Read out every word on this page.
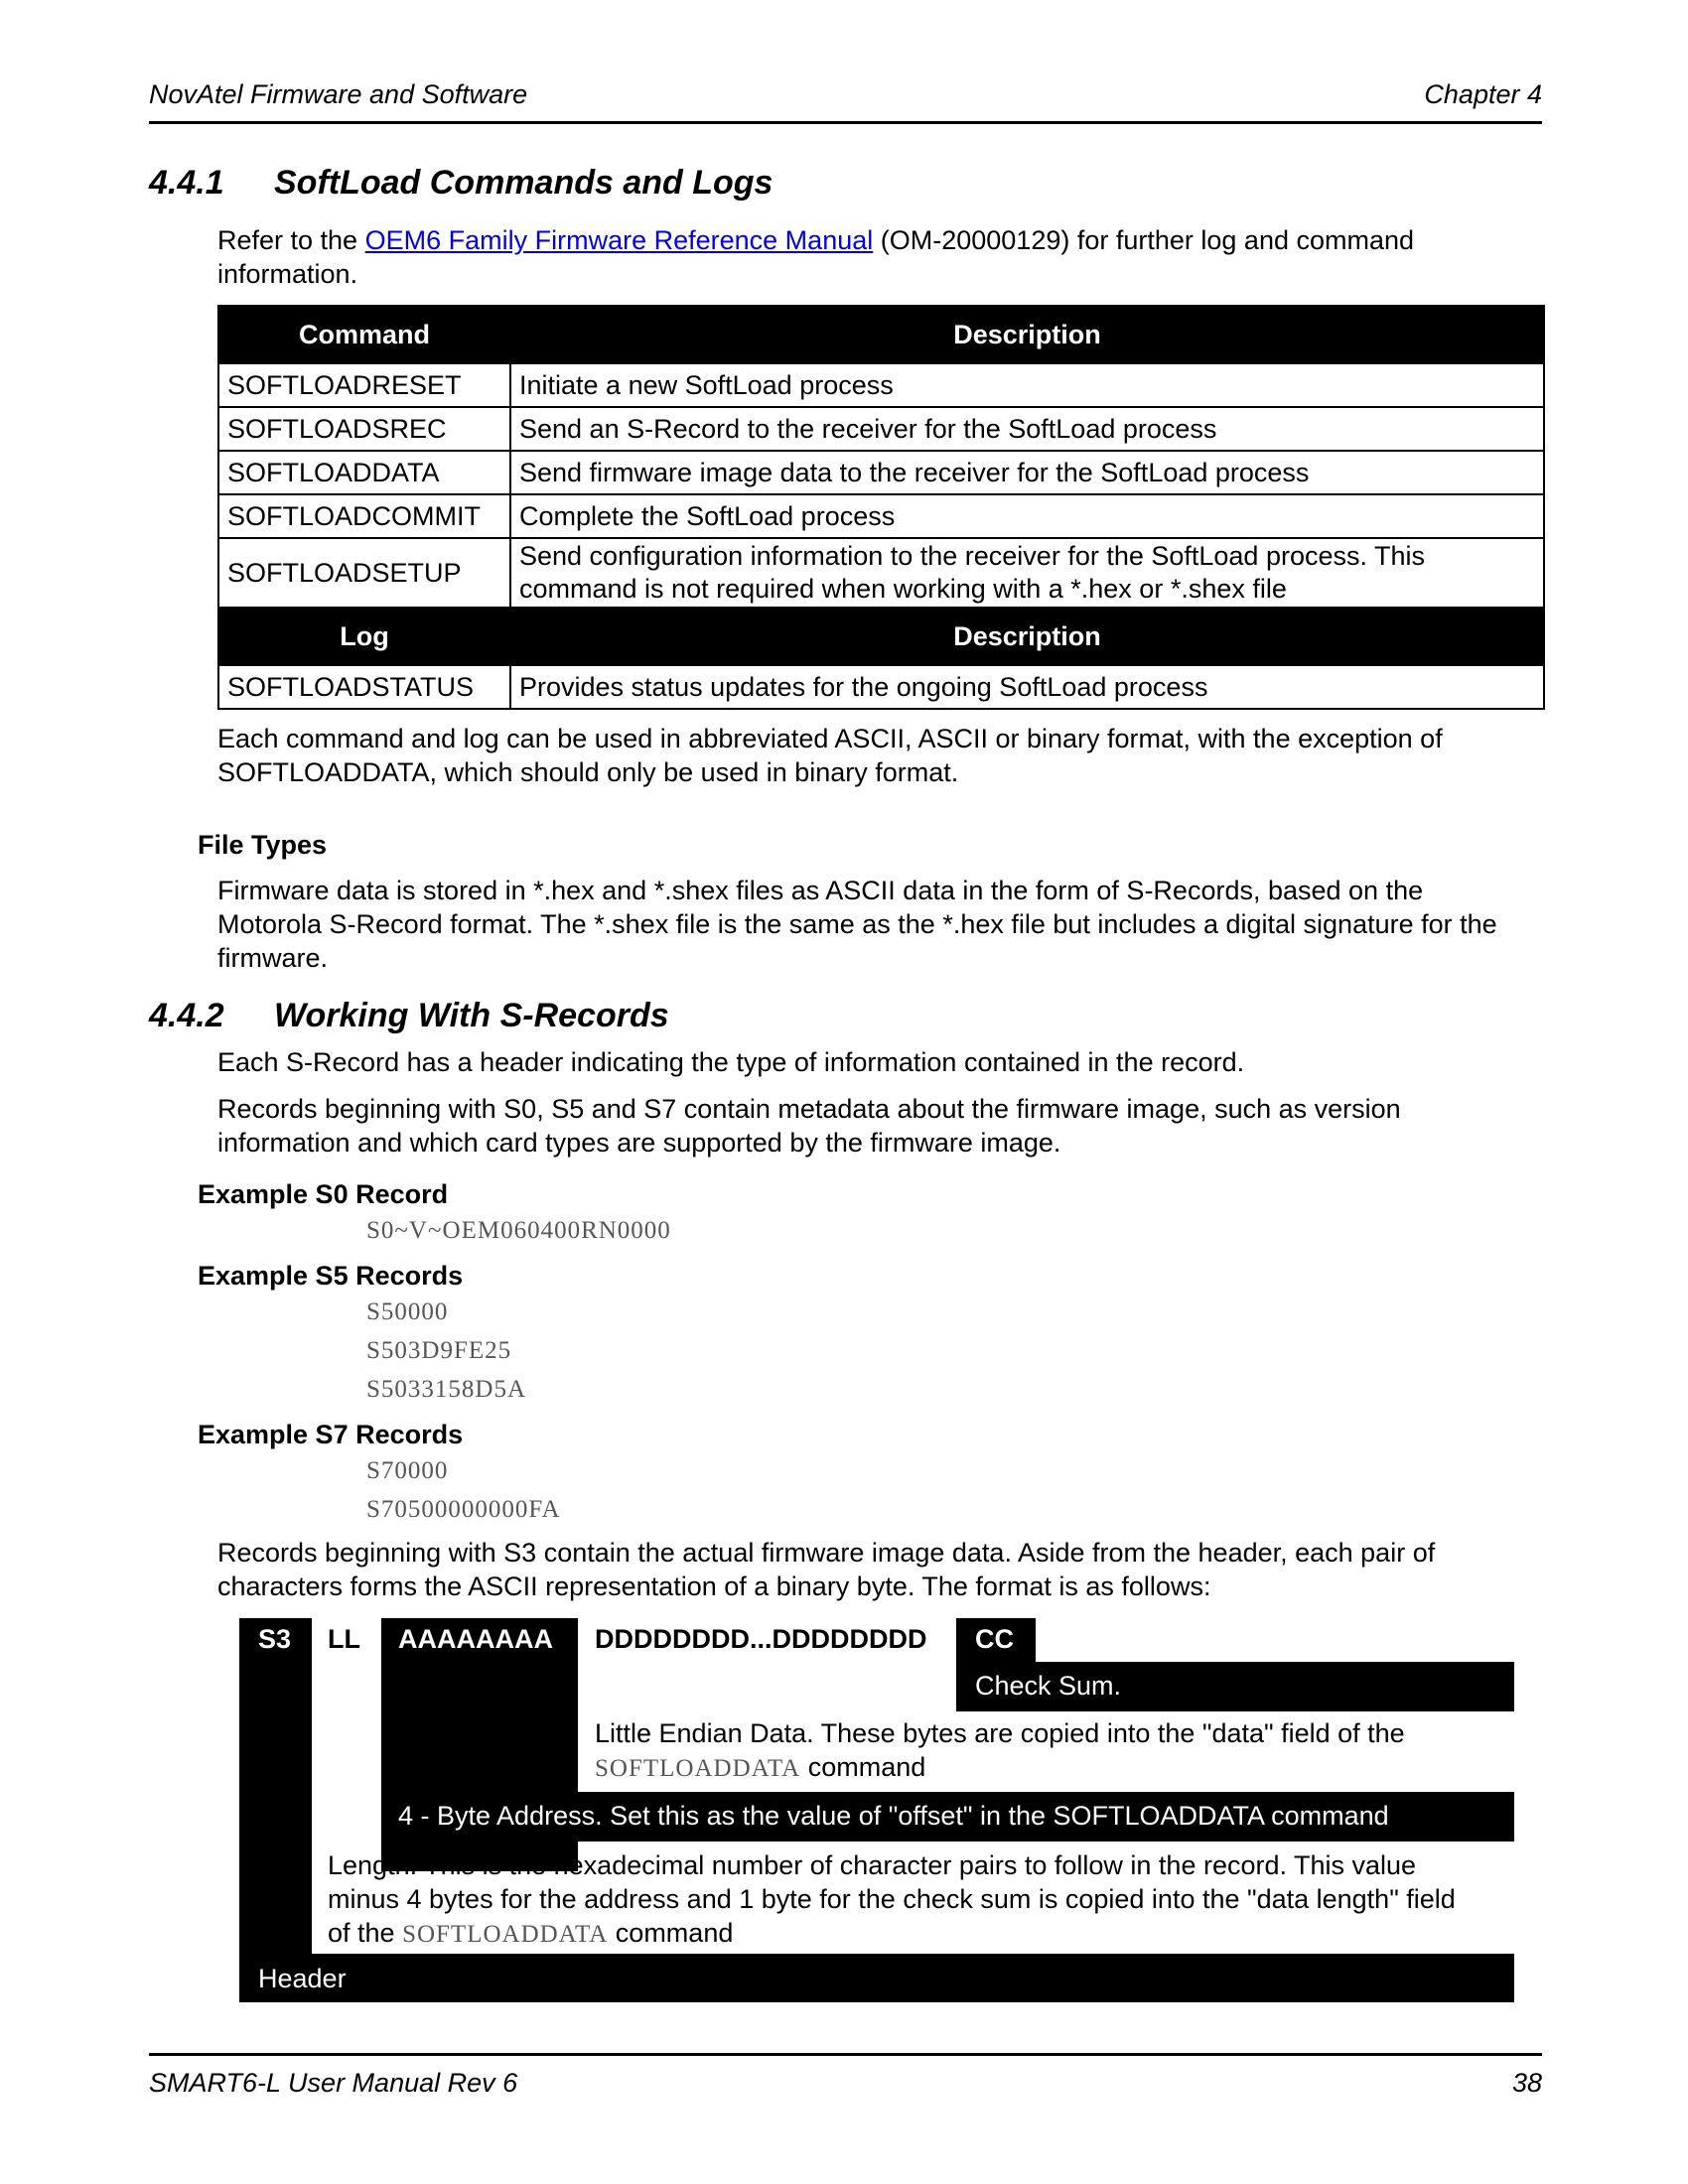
NovAtel Firmware and Software	Chapter 4
4.4.1 SoftLoad Commands and Logs
Refer to the OEM6 Family Firmware Reference Manual (OM-20000129) for further log and command
information.
Command	Description
SOFTLOADRESET	Initiate a new SoftLoad process
SOFTLOADSREC	Send an S-Record to the receiver for the SoftLoad process
SOFTLOADDATA	Send firmware image data to the receiver for the SoftLoad process
SOFTLOADCOMMIT	Complete the SoftLoad process
SOFTLOADSETUP	Send configuration information to the receiver for the SoftLoad process. This
command is not required when working with a *.hex or *.shex file
Log	Description
SOFTLOADSTATUS	Provides status updates for the ongoing SoftLoad process
Each command and log can be used in abbreviated ASCII, ASCII or binary format, with the exception of
SOFTLOADDATA, which should only be used in binary format.
File Types
Firmware data is stored in *.hex and *.shex files as ASCII data in the form of S-Records, based on the
Motorola S-Record format. The *.shex file is the same as the *.hex file but includes a digital signature for the
firmware.
4.4.2 Working With S-Records
Each S-Record has a header indicating the type of information contained in the record.
Records beginning with S0, S5 and S7 contain metadata about the firmware image, such as version
information and which card types are supported by the firmware image.
Example S0 Record
S0~V~OEM060400RN0000
Example S5 Records
S50000
S503D9FE25
S5033158D5A
Example S7 Records
S70000
S70500000000FA
Records beginning with S3 contain the actual firmware image data. Aside from the header, each pair of
characters forms the ASCII representation of a binary byte. The format is as follows:
S3 LL AAAAAAAA DDDDDDDD...DDDDDDDD CC
Check Sum.
Little Endian Data. These bytes are copied into the "data" field of the
SOFTLOADDATA command
4 - Byte Address. Set this as the value of "offset" in the SOFTLOADDATA command
Length. This is the hexadecimal number of character pairs to follow in the record. This value
minus 4 bytes for the address and 1 byte for the check sum is copied into the "data length" field
of the SOFTLOADDATA command
Header
SMART6-L User Manual Rev 6	38
